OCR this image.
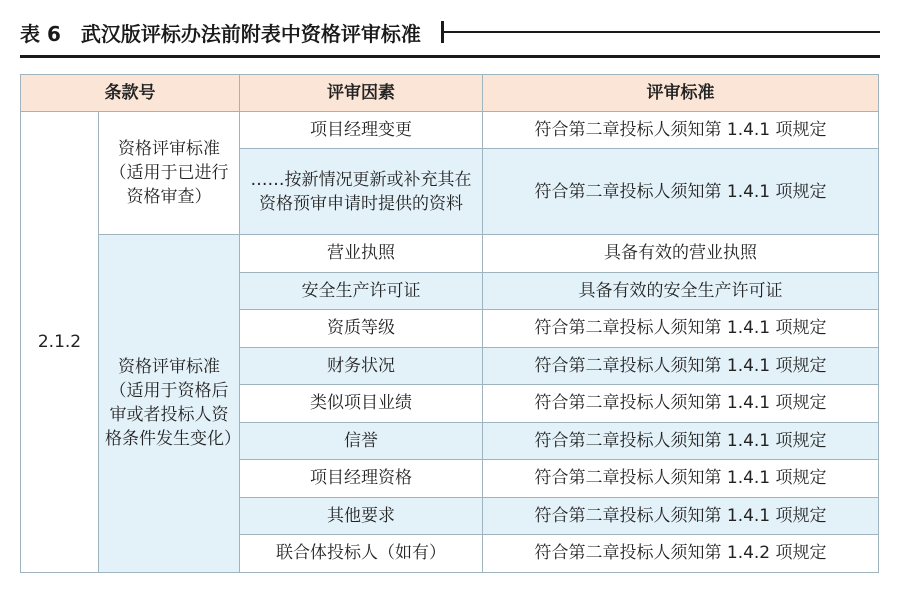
表 6 武汉版评标办法前附表中资格评审标准
条款号		评审因素	评审标准
2.1.2	资格评审标准（适用于已进行资格审查）	项目经理变更	符合第二章投标人须知第 1.4.1 项规定
		……按新情况更新或补充其在资格预审申请时提供的资料	符合第二章投标人须知第 1.4.1 项规定
	资格评审标准（适用于资格后审或者投标人资格条件发生变化）	营业执照	具备有效的营业执照
		安全生产许可证	具备有效的安全生产许可证
		资质等级	符合第二章投标人须知第 1.4.1 项规定
		财务状况	符合第二章投标人须知第 1.4.1 项规定
		类似项目业绩	符合第二章投标人须知第 1.4.1 项规定
		信誉	符合第二章投标人须知第 1.4.1 项规定
		项目经理资格	符合第二章投标人须知第 1.4.1 项规定
		其他要求	符合第二章投标人须知第 1.4.1 项规定
		联合体投标人（如有）	符合第二章投标人须知第 1.4.2 项规定
